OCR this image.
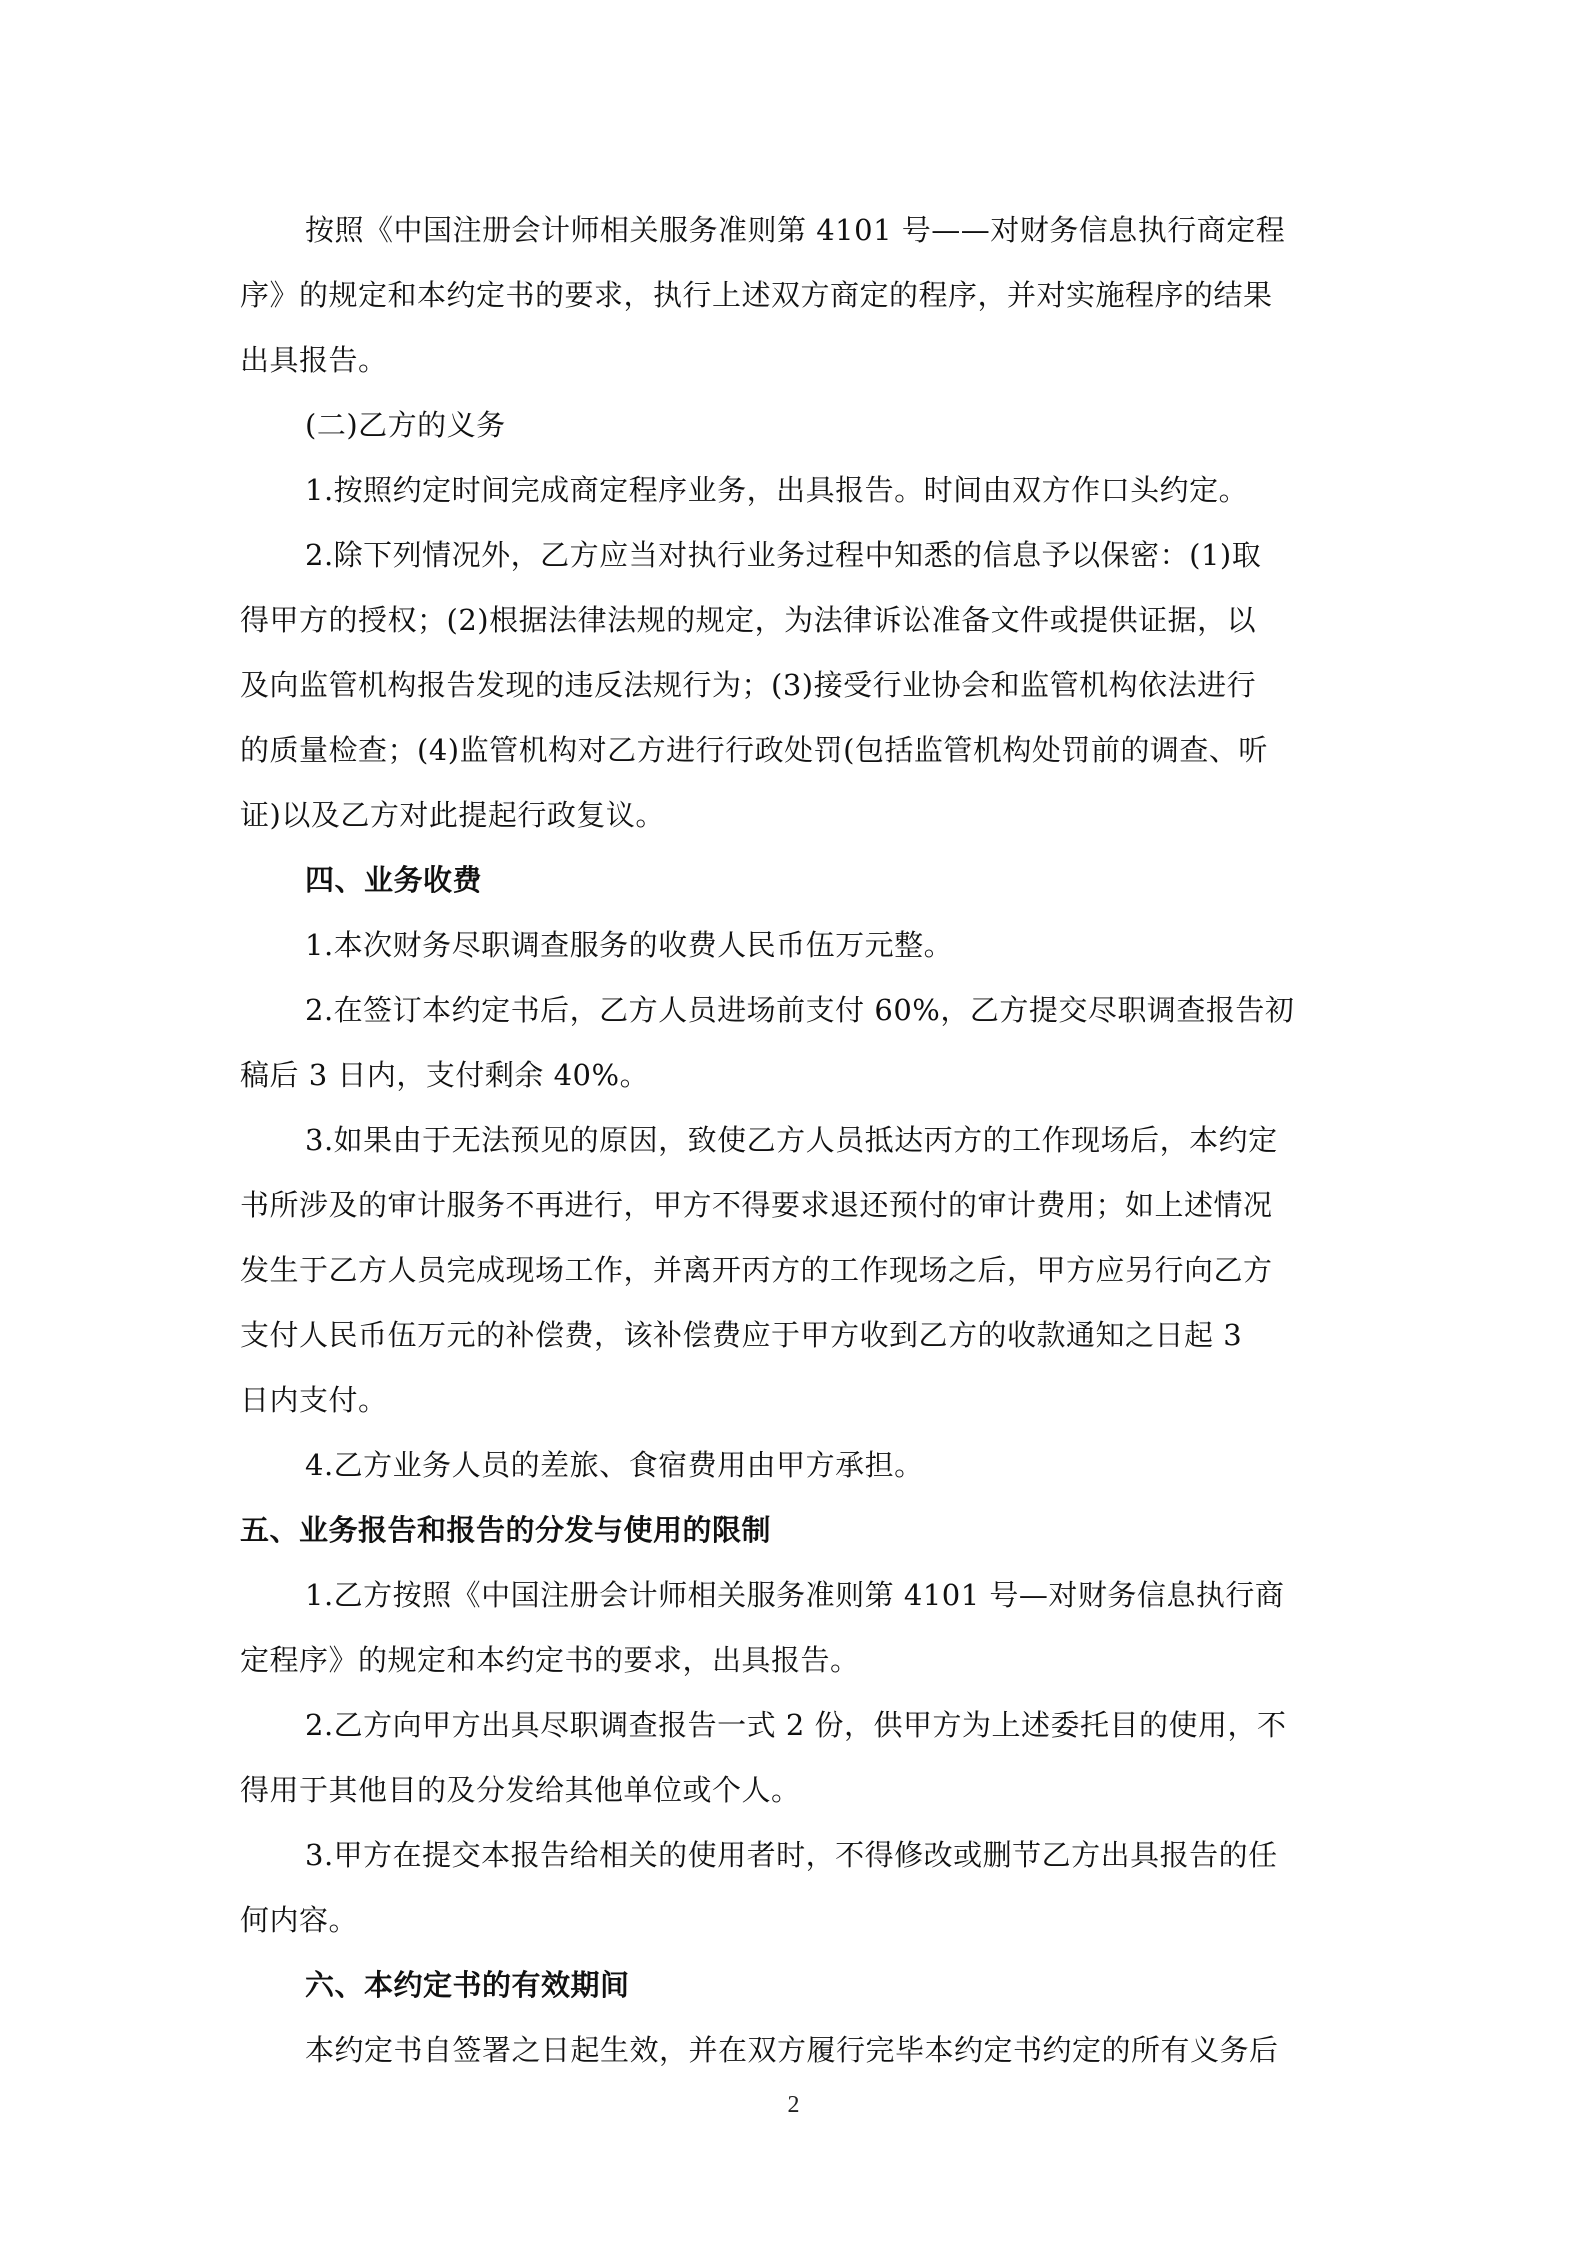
按照《中国注册会计师相关服务准则第 4101 号——对财务信息执行商定程
序》的规定和本约定书的要求，执行上述双方商定的程序，并对实施程序的结果
出具报告。
(二)乙方的义务
1.按照约定时间完成商定程序业务，出具报告。时间由双方作口头约定。
2.除下列情况外，乙方应当对执行业务过程中知悉的信息予以保密：(1)取
得甲方的授权；(2)根据法律法规的规定，为法律诉讼准备文件或提供证据，以
及向监管机构报告发现的违反法规行为；(3)接受行业协会和监管机构依法进行
的质量检查；(4)监管机构对乙方进行行政处罚(包括监管机构处罚前的调查、听
证)以及乙方对此提起行政复议。
四、业务收费
1.本次财务尽职调查服务的收费人民币伍万元整。
2.在签订本约定书后，乙方人员进场前支付 60%，乙方提交尽职调查报告初
稿后 3 日内，支付剩余 40%。
3.如果由于无法预见的原因，致使乙方人员抵达丙方的工作现场后，本约定
书所涉及的审计服务不再进行，甲方不得要求退还预付的审计费用；如上述情况
发生于乙方人员完成现场工作，并离开丙方的工作现场之后，甲方应另行向乙方
支付人民币伍万元的补偿费，该补偿费应于甲方收到乙方的收款通知之日起 3
日内支付。
4.乙方业务人员的差旅、食宿费用由甲方承担。
五、业务报告和报告的分发与使用的限制
1.乙方按照《中国注册会计师相关服务准则第 4101 号—对财务信息执行商
定程序》的规定和本约定书的要求，出具报告。
2.乙方向甲方出具尽职调查报告一式 2 份，供甲方为上述委托目的使用，不
得用于其他目的及分发给其他单位或个人。
3.甲方在提交本报告给相关的使用者时，不得修改或删节乙方出具报告的任
何内容。
六、本约定书的有效期间
本约定书自签署之日起生效，并在双方履行完毕本约定书约定的所有义务后
2
